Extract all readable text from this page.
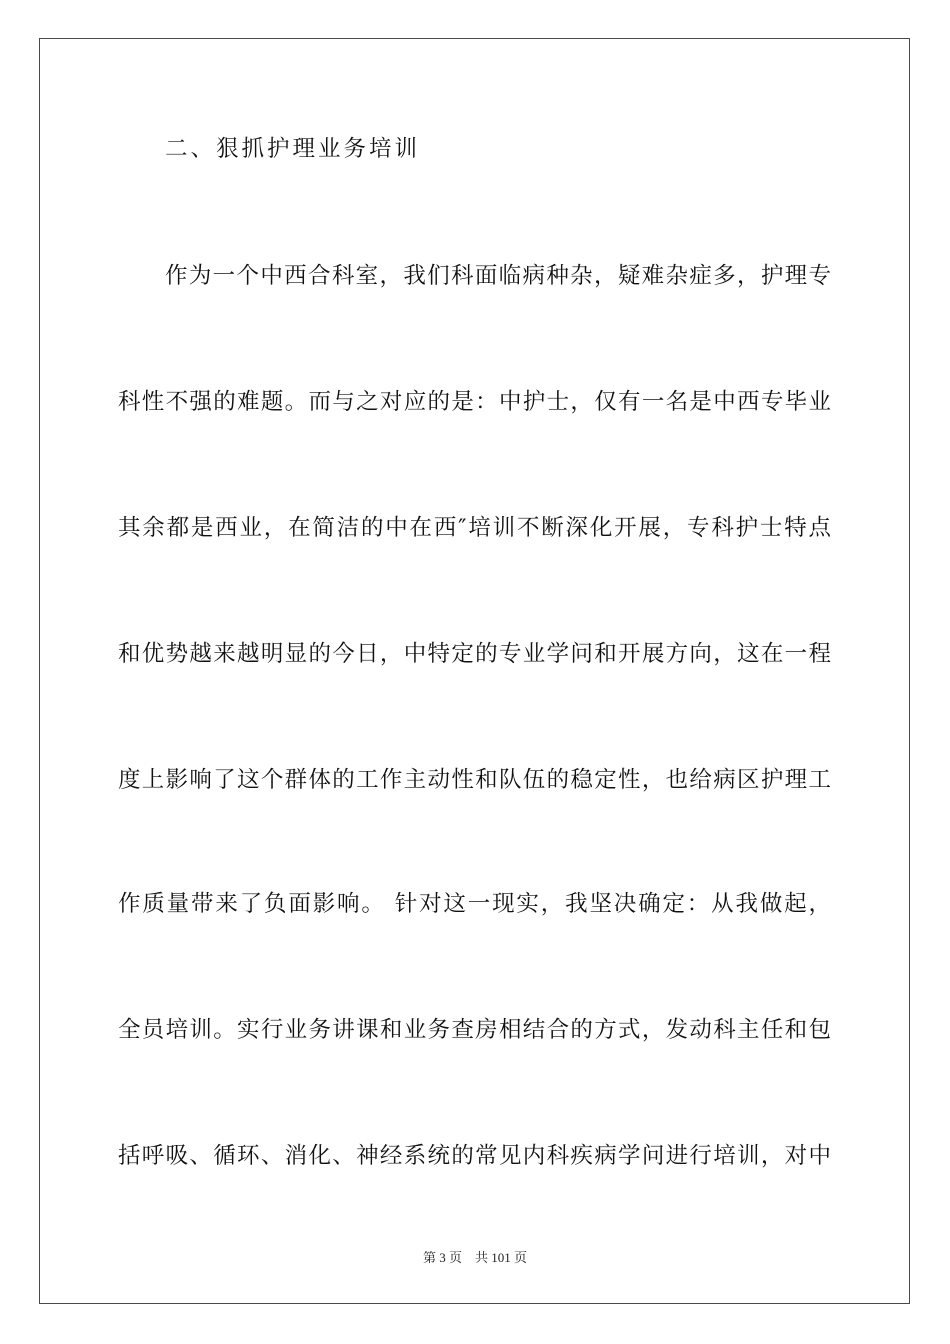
二、狠抓护理业务培训
作为一个中西合科室，我们科面临病种杂，疑难杂症多，护理专
科性不强的难题。而与之对应的是：中护士，仅有一名是中西专毕业
其余都是西业，在简洁的中在西″培训不断深化开展，专科护士特点
和优势越来越明显的今日，中特定的专业学问和开展方向，这在一程
度上影响了这个群体的工作主动性和队伍的稳定性，也给病区护理工
作质量带来了负面影响。 针对这一现实，我坚决确定：从我做起，
全员培训。实行业务讲课和业务查房相结合的方式，发动科主任和包
括呼吸、循环、消化、神经系统的常见内科疾病学问进行培训，对中
第 3 页    共 101 页
